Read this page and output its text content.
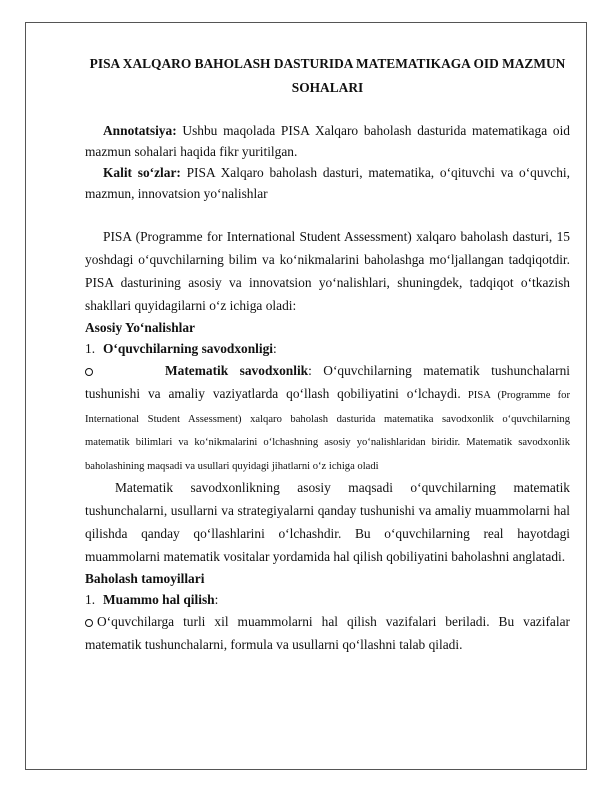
PISA XALQARO BAHOLASH DASTURIDA MATEMATIKAGA OID MAZMUN SOHALARI

Annotatsiya: Ushbu maqolada PISA Xalqaro baholash dasturida matematikaga oid mazmun sohalari haqida fikr yuritilgan.

Kalit so‘zlar: PISA Xalqaro baholash dasturi, matematika, o‘qituvchi va o‘quvchi, mazmun, innovatsion yo‘nalishlar

PISA (Programme for International Student Assessment) xalqaro baholash dasturi, 15 yoshdagi o‘quvchilarning bilim va ko‘nikmalarini baholashga mo‘ljallangan tadqiqotdir. PISA dasturining asosiy va innovatsion yo‘nalishlari, shuningdek, tadqiqot o‘tkazish shakllari quyidagilarni o‘z ichiga oladi:

Asosiy Yo‘nalishlar

1. O‘quvchilarning savodxonligi:

Matematik savodxonlik: O‘quvchilarning matematik tushunchalarni tushunishi va amaliy vaziyatlarda qo‘llash qobiliyatini o‘lchaydi. PISA (Programme for International Student Assessment) xalqaro baholash dasturida matematika savodxonlik o‘quvchilarning matematik bilimlari va ko‘nikmalarini o‘lchashning asosiy yo‘nalishlaridan biridir. Matematik savodxonlik baholashining maqsadi va usullari quyidagi jihatlarni o‘z ichiga oladi

Matematik savodxonlikning asosiy maqsadi o‘quvchilarning matematik tushunchalarni, usullarni va strategiyalarni qanday tushunishi va amaliy muammolarni hal qilishda qanday qo‘llashlarini o‘lchashdir. Bu o‘quvchilarning real hayotdagi muammolarni matematik vositalar yordamida hal qilish qobiliyatini baholashni anglatadi.

Baholash tamoyillari

1. Muammo hal qilish:

O‘quvchilarga turli xil muammolarni hal qilish vazifalari beriladi. Bu vazifalar matematik tushunchalarni, formula va usullarni qo‘llashni talab qiladi.
